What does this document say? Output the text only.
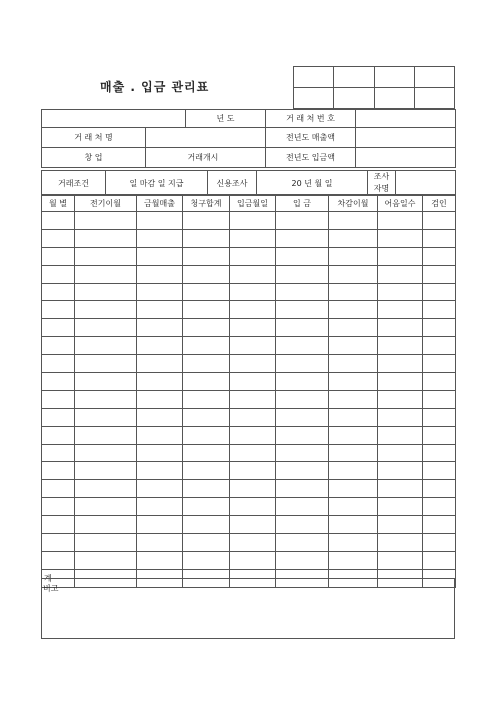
매출 . 입금 관리표

		년 도	거 래 처 번 호	
거 래 처 명			전년도 매출액	
창 업		거래개시	전년도 입금액	
거래조건	일 마감 일 지급	신용조사	20 년 월 일	
조사
자명

월 별	전기이월	금월매출	청구합계	입금월일	입 금	차감이월	어음일수	검인

계								
비고
